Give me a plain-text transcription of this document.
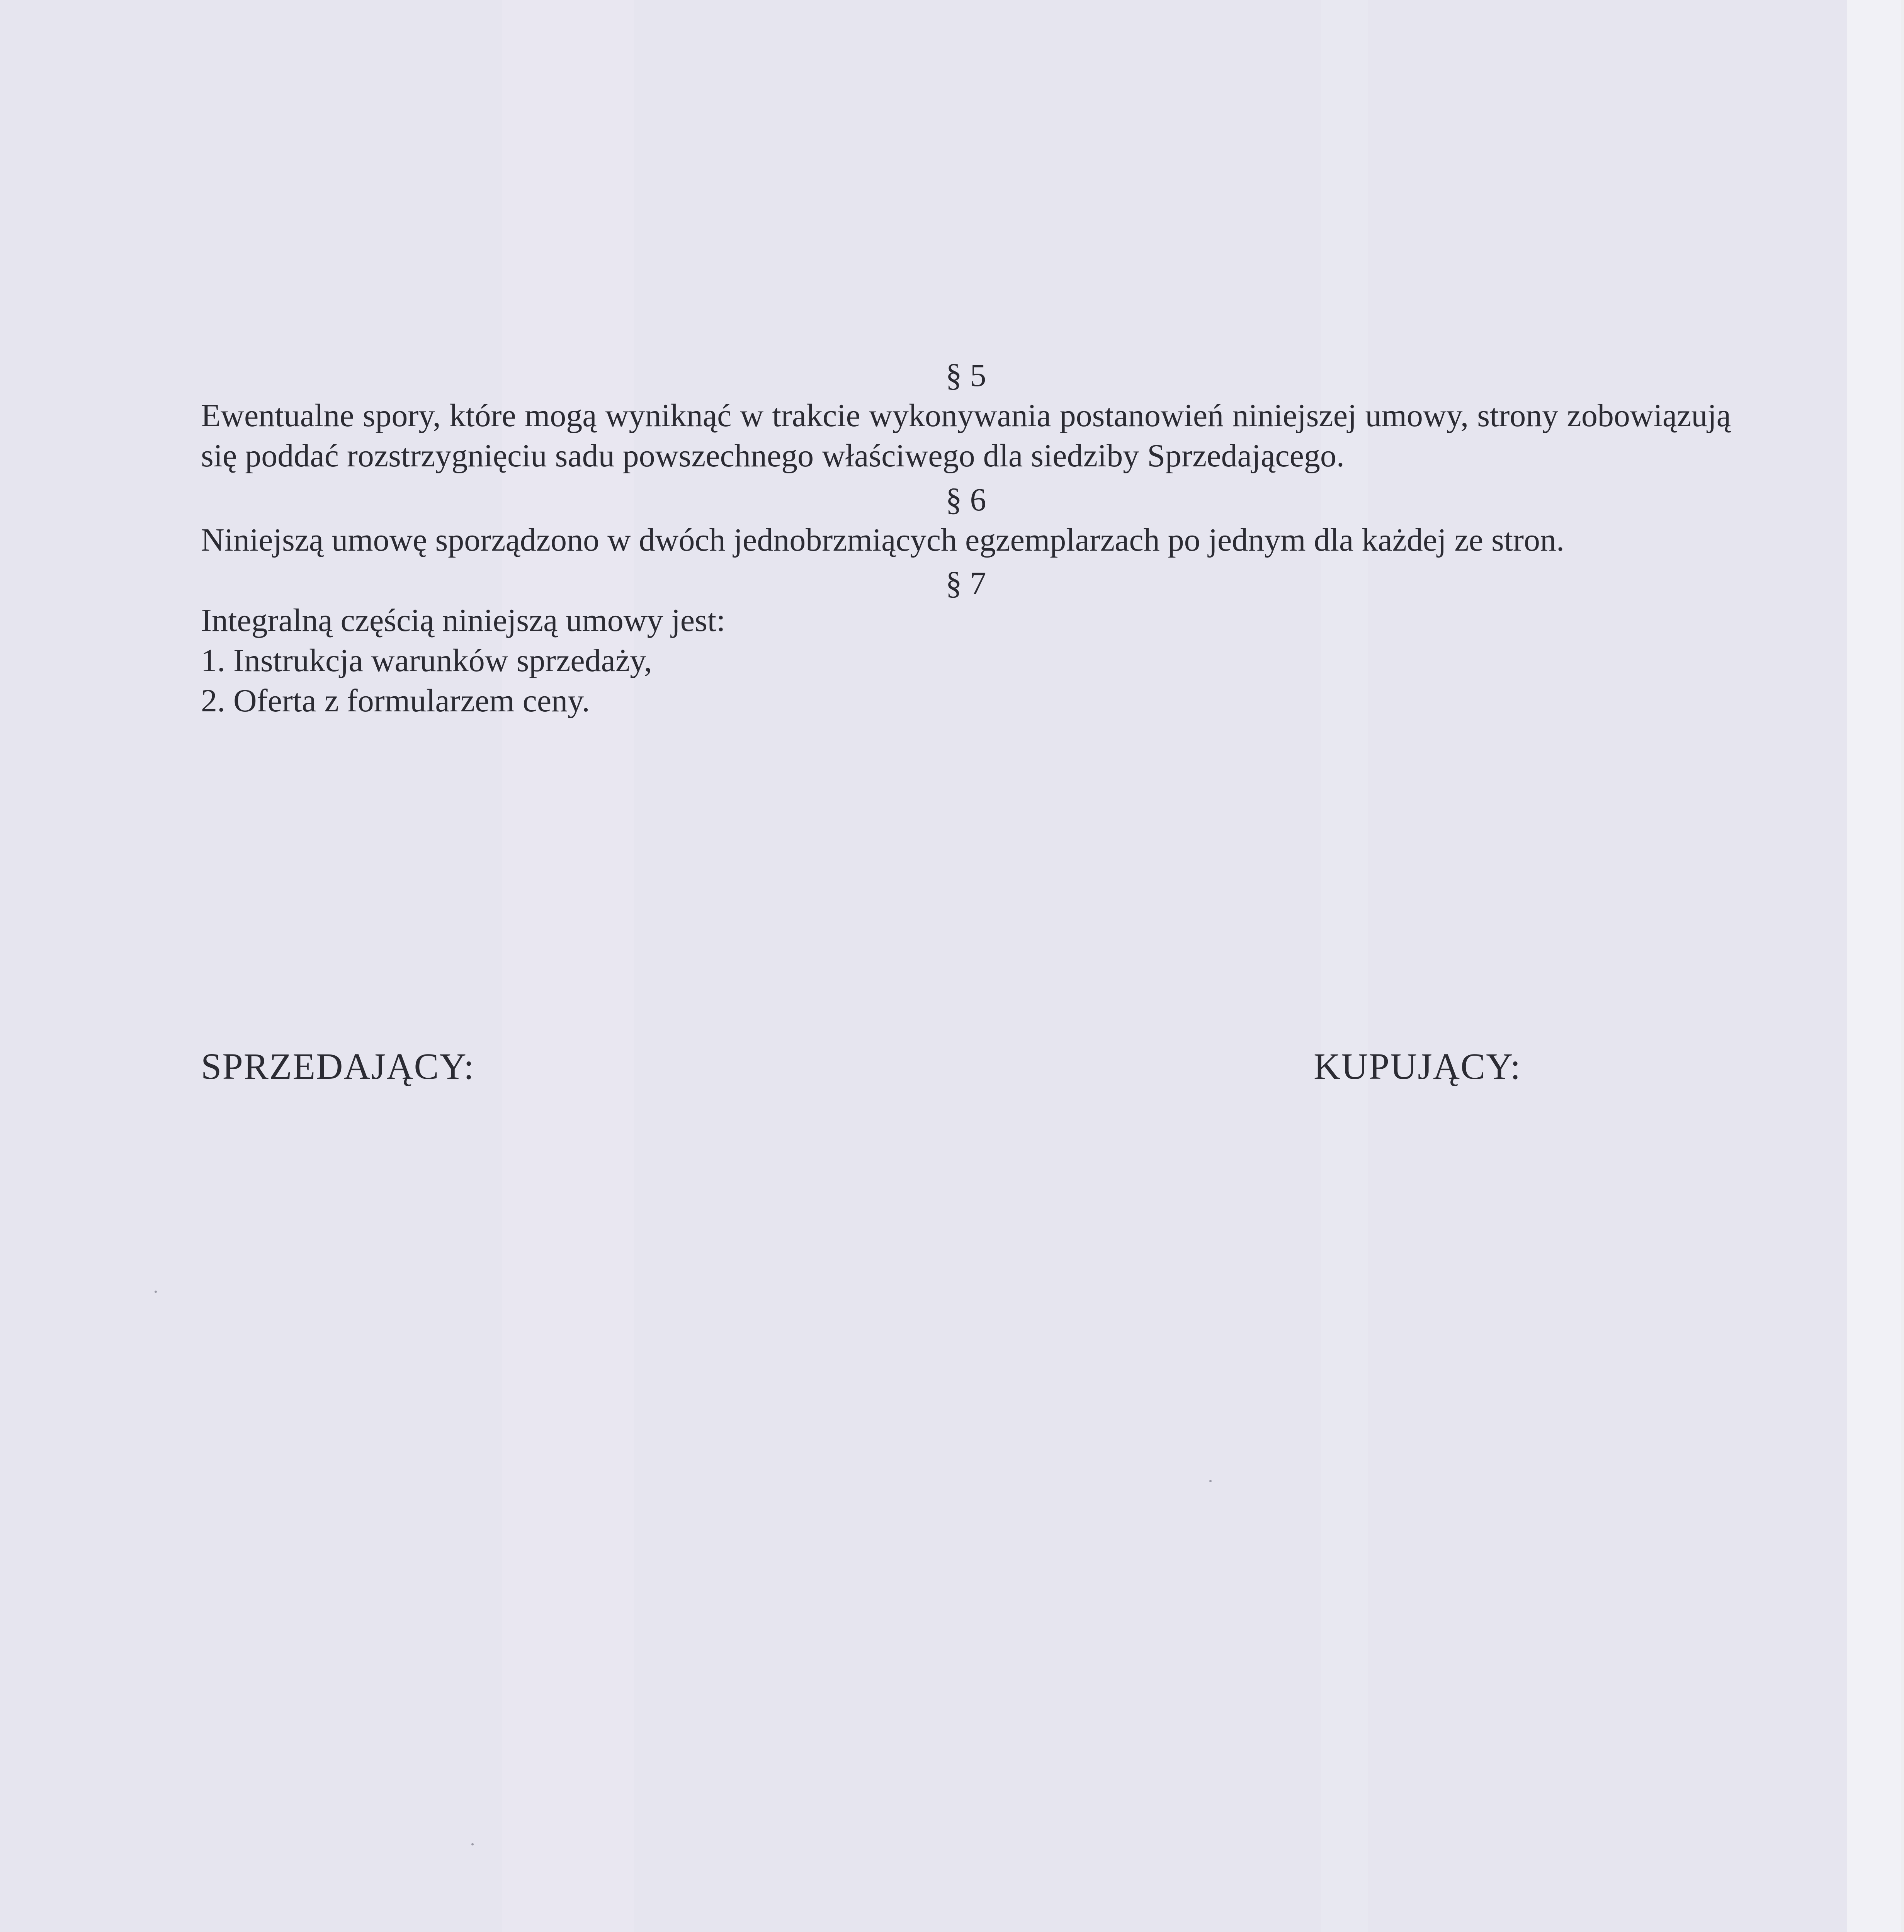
§ 5

Ewentualne spory, które mogą wyniknąć w trakcie wykonywania postanowień niniejszej umowy, strony zobowiązują się poddać rozstrzygnięciu sadu powszechnego właściwego dla siedziby Sprzedającego.

§ 6

Niniejszą umowę sporządzono w dwóch jednobrzmiących egzemplarzach po jednym dla każdej ze stron.

§ 7
Integralną częścią niniejszą umowy jest:

1. Instrukcja warunków sprzedaży,

2. Oferta z formularzem ceny.

SPRZEDAJĄCY:	KUPUJĄCY:
